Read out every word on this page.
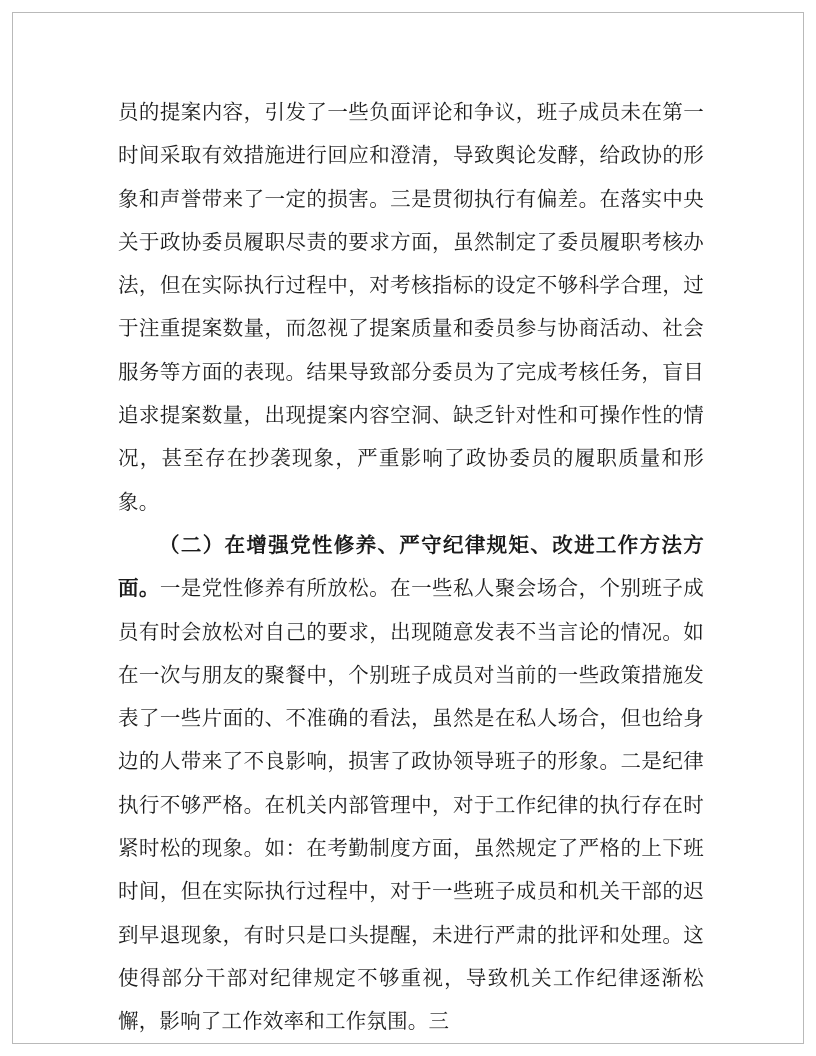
员的提案内容，引发了一些负面评论和争议，班子成员未在第一时间采取有效措施进行回应和澄清，导致舆论发酵，给政协的形象和声誉带来了一定的损害。三是贯彻执行有偏差。在落实中央关于政协委员履职尽责的要求方面，虽然制定了委员履职考核办法，但在实际执行过程中，对考核指标的设定不够科学合理，过于注重提案数量，而忽视了提案质量和委员参与协商活动、社会服务等方面的表现。结果导致部分委员为了完成考核任务，盲目追求提案数量，出现提案内容空洞、缺乏针对性和可操作性的情况，甚至存在抄袭现象，严重影响了政协委员的履职质量和形象。

（二）在增强党性修养、严守纪律规矩、改进工作方法方面。一是党性修养有所放松。在一些私人聚会场合，个别班子成员有时会放松对自己的要求，出现随意发表不当言论的情况。如在一次与朋友的聚餐中，个别班子成员对当前的一些政策措施发表了一些片面的、不准确的看法，虽然是在私人场合，但也给身边的人带来了不良影响，损害了政协领导班子的形象。二是纪律执行不够严格。在机关内部管理中，对于工作纪律的执行存在时紧时松的现象。如：在考勤制度方面，虽然规定了严格的上下班时间，但在实际执行过程中，对于一些班子成员和机关干部的迟到早退现象，有时只是口头提醒，未进行严肃的批评和处理。这使得部分干部对纪律规定不够重视，导致机关工作纪律逐渐松懈，影响了工作效率和工作氛围。三
